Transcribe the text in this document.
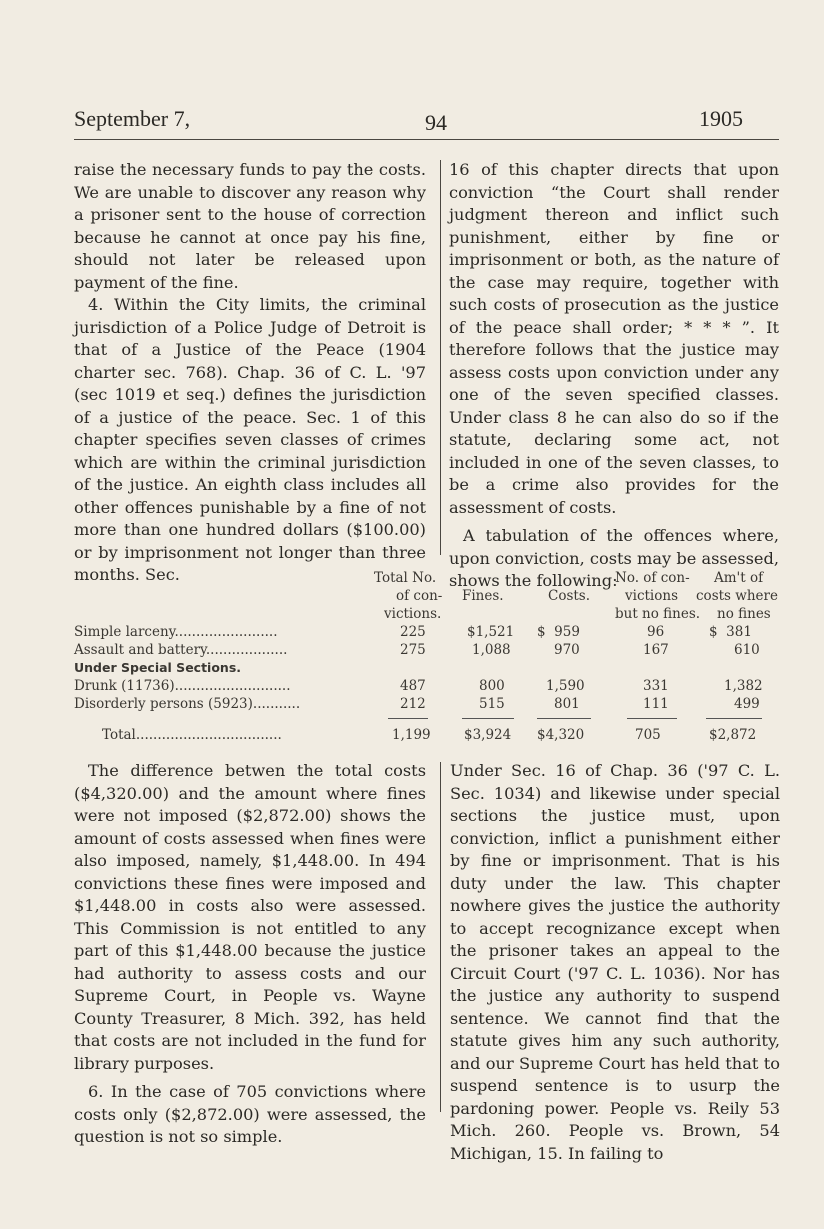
September 7,	94	1905

raise the necessary funds to pay the costs. We are unable to discover any reason why a prisoner sent to the house of correction because he cannot at once pay his fine, should not later be released upon payment of the fine.

4. Within the City limits, the criminal jurisdiction of a Police Judge of Detroit is that of a Justice of the Peace (1904 charter sec. 768). Chap. 36 of C. L. '97 (sec 1019 et seq.) defines the jurisdiction of a justice of the peace. Sec. 1 of this chapter specifies seven classes of crimes which are within the criminal jurisdiction of the justice. An eighth class includes all other offences punishable by a fine of not more than one hundred dollars ($100.00) or by imprisonment not longer than three months. Sec.

16 of this chapter directs that upon conviction “the Court shall render judgment thereon and inflict such punishment, either by fine or imprisonment or both, as the nature of the case may require, together with such costs of prosecution as the justice of the peace shall order; * * * ”. It therefore follows that the justice may assess costs upon conviction under any one of the seven specified classes. Under class 8 he can also do so if the statute, declaring some act, not included in one of the seven classes, to be a crime also provides for the assessment of costs.

A tabulation of the offences where, upon conviction, costs may be assessed, shows the following:

Total No.
of con-
victions.
Fines.	Costs.
No. of con-
victions
but no fines.
Am't of
costs where
no fines
Simple larceny........................	225	$1,521 $  959	96	$  381
Assault and battery...................	275	1,088	970	167	610
Under Special Sections.
Drunk (11736)...........................	487	800	1,590	331	1,382
Disorderly persons (5923)...........	212	515	801	111	499
Total..................................	1,199 $3,924 $4,320	705	$2,872

The difference betwen the total costs ($4,320.00) and the amount where fines were not imposed ($2,872.00) shows the amount of costs assessed when fines were also imposed, namely, $1,448.00. In 494 convictions these fines were imposed and $1,448.00 in costs also were assessed. This Commission is not entitled to any part of this $1,448.00 because the justice had authority to assess costs and our Supreme Court, in People vs. Wayne County Treasurer, 8 Mich. 392, has held that costs are not included in the fund for library purposes.

6. In the case of 705 convictions where costs only ($2,872.00) were assessed, the question is not so simple.

Under Sec. 16 of Chap. 36 ('97 C. L. Sec. 1034) and likewise under special sections the justice must, upon conviction, inflict a punishment either by fine or imprisonment. That is his duty under the law. This chapter nowhere gives the justice the authority to accept recognizance except when the prisoner takes an appeal to the Circuit Court ('97 C. L. 1036). Nor has the justice any authority to suspend sentence. We cannot find that the statute gives him any such authority, and our Supreme Court has held that to suspend sentence is to usurp the pardoning power. People vs. Reily 53 Mich. 260. People vs. Brown, 54 Michigan, 15. In failing to
